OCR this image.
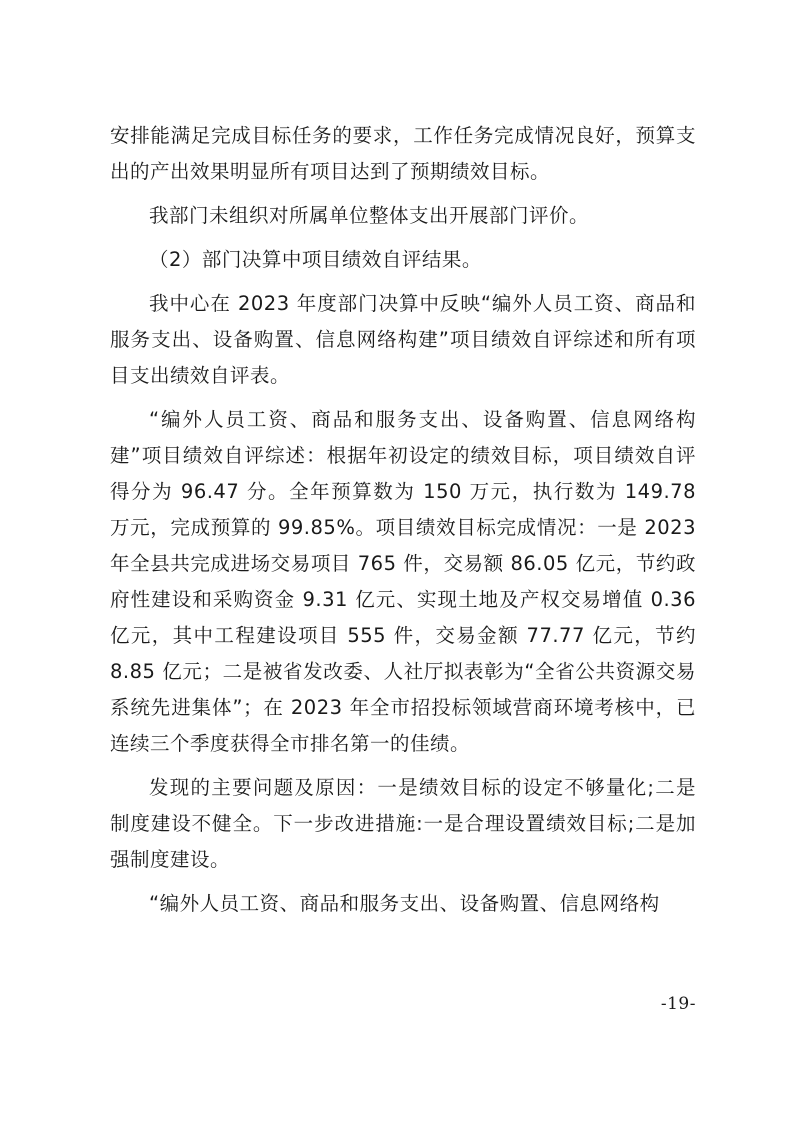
安排能满足完成目标任务的要求，工作任务完成情况良好，预算支出的产出效果明显所有项目达到了预期绩效目标。

我部门未组织对所属单位整体支出开展部门评价。

（2）部门决算中项目绩效自评结果。

我中心在 2023 年度部门决算中反映“编外人员工资、商品和服务支出、设备购置、信息网络构建”项目绩效自评综述和所有项目支出绩效自评表。

“编外人员工资、商品和服务支出、设备购置、信息网络构建”项目绩效自评综述：根据年初设定的绩效目标，项目绩效自评得分为 96.47 分。全年预算数为 150 万元，执行数为 149.78 万元，完成预算的 99.85%。项目绩效目标完成情况：一是 2023 年全县共完成进场交易项目 765 件，交易额 86.05 亿元，节约政府性建设和采购资金 9.31 亿元、实现土地及产权交易增值 0.36 亿元，其中工程建设项目 555 件，交易金额 77.77 亿元，节约 8.85 亿元；二是被省发改委、人社厅拟表彰为“全省公共资源交易系统先进集体”；在 2023 年全市招投标领域营商环境考核中，已连续三个季度获得全市排名第一的佳绩。

发现的主要问题及原因：一是绩效目标的设定不够量化;二是制度建设不健全。下一步改进措施:一是合理设置绩效目标;二是加强制度建设。

“编外人员工资、商品和服务支出、设备购置、信息网络构

-19-
